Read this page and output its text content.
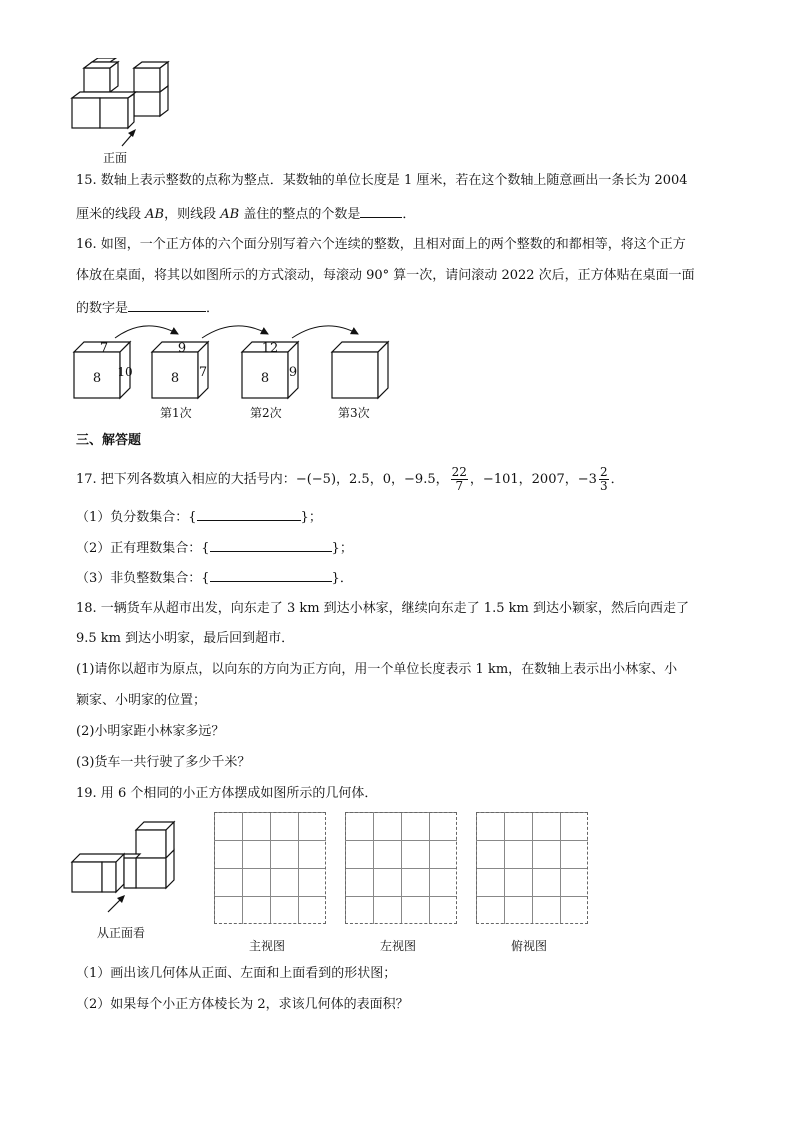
正面
15. 数轴上表示整数的点称为整点．某数轴的单位长度是 1 厘米，若在这个数轴上随意画出一条长为 2004
厘米的线段 AB，则线段 AB 盖住的整点的个数是	．
16. 如图，一个正方体的六个面分别写着六个连续的整数，且相对面上的两个整数的和都相等，将这个正方
体放在桌面，将其以如图所示的方式滚动，每滚动 90° 算一次，请问滚动 2022 次后，正方体贴在桌面一面
的数字是	．
7
8 10
9
8 7
12
8 9
第1次	第2次	第3次
三、解答题
17. 把下列各数填入相应的大括号内：−(−5)，2.5，0，−9.5， $\frac{22}{7}$ ，−101，2007，$-3 \frac{2}{3}$ ．
（1）负分数集合：{	}；
（2）正有理数集合：{	}；
（3）非负整数集合：{	}．
18. 一辆货车从超市出发，向东走了 3 km 到达小林家，继续向东走了 1.5 km 到达小颖家，然后向西走了
9.5 km 到达小明家，最后回到超市．
(1)请你以超市为原点，以向东的方向为正方向，用一个单位长度表示 1 km，在数轴上表示出小林家、小
颖家、小明家的位置；
(2)小明家距小林家多远？
(3)货车一共行驶了多少千米？
19. 用 6 个相同的小正方体摆成如图所示的几何体．
从正面看
主视图	左视图	俯视图
（1）画出该几何体从正面、左面和上面看到的形状图；
（2）如果每个小正方体棱长为 2，求该几何体的表面积？
